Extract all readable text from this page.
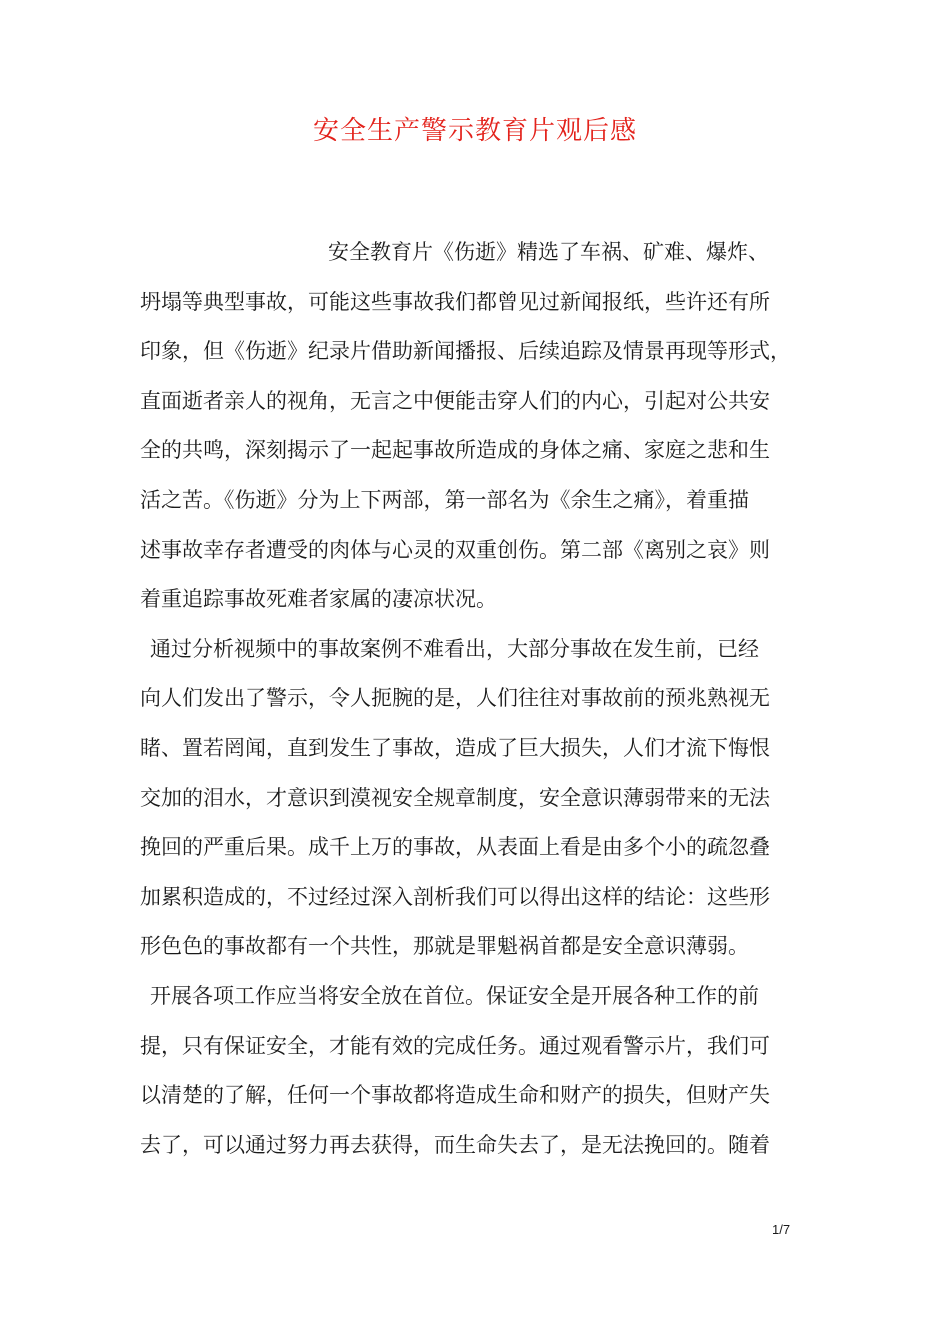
安全生产警示教育片观后感

安全教育片《伤逝》精选了车祸、矿难、爆炸、

坍塌等典型事故，可能这些事故我们都曾见过新闻报纸，些许还有所

印象，但《伤逝》纪录片借助新闻播报、后续追踪及情景再现等形式，

直面逝者亲人的视角，无言之中便能击穿人们的内心，引起对公共安

全的共鸣，深刻揭示了一起起事故所造成的身体之痛、家庭之悲和生

活之苦。《伤逝》分为上下两部，第一部名为《余生之痛》，着重描

述事故幸存者遭受的肉体与心灵的双重创伤。第二部《离别之哀》则

着重追踪事故死难者家属的凄凉状况。

通过分析视频中的事故案例不难看出，大部分事故在发生前，已经

向人们发出了警示，令人扼腕的是，人们往往对事故前的预兆熟视无

睹、置若罔闻，直到发生了事故，造成了巨大损失，人们才流下悔恨

交加的泪水，才意识到漠视安全规章制度，安全意识薄弱带来的无法

挽回的严重后果。成千上万的事故，从表面上看是由多个小的疏忽叠

加累积造成的，不过经过深入剖析我们可以得出这样的结论：这些形

形色色的事故都有一个共性，那就是罪魁祸首都是安全意识薄弱。

开展各项工作应当将安全放在首位。保证安全是开展各种工作的前

提，只有保证安全，才能有效的完成任务。通过观看警示片，我们可

以清楚的了解，任何一个事故都将造成生命和财产的损失，但财产失

去了，可以通过努力再去获得，而生命失去了，是无法挽回的。随着

1/7
